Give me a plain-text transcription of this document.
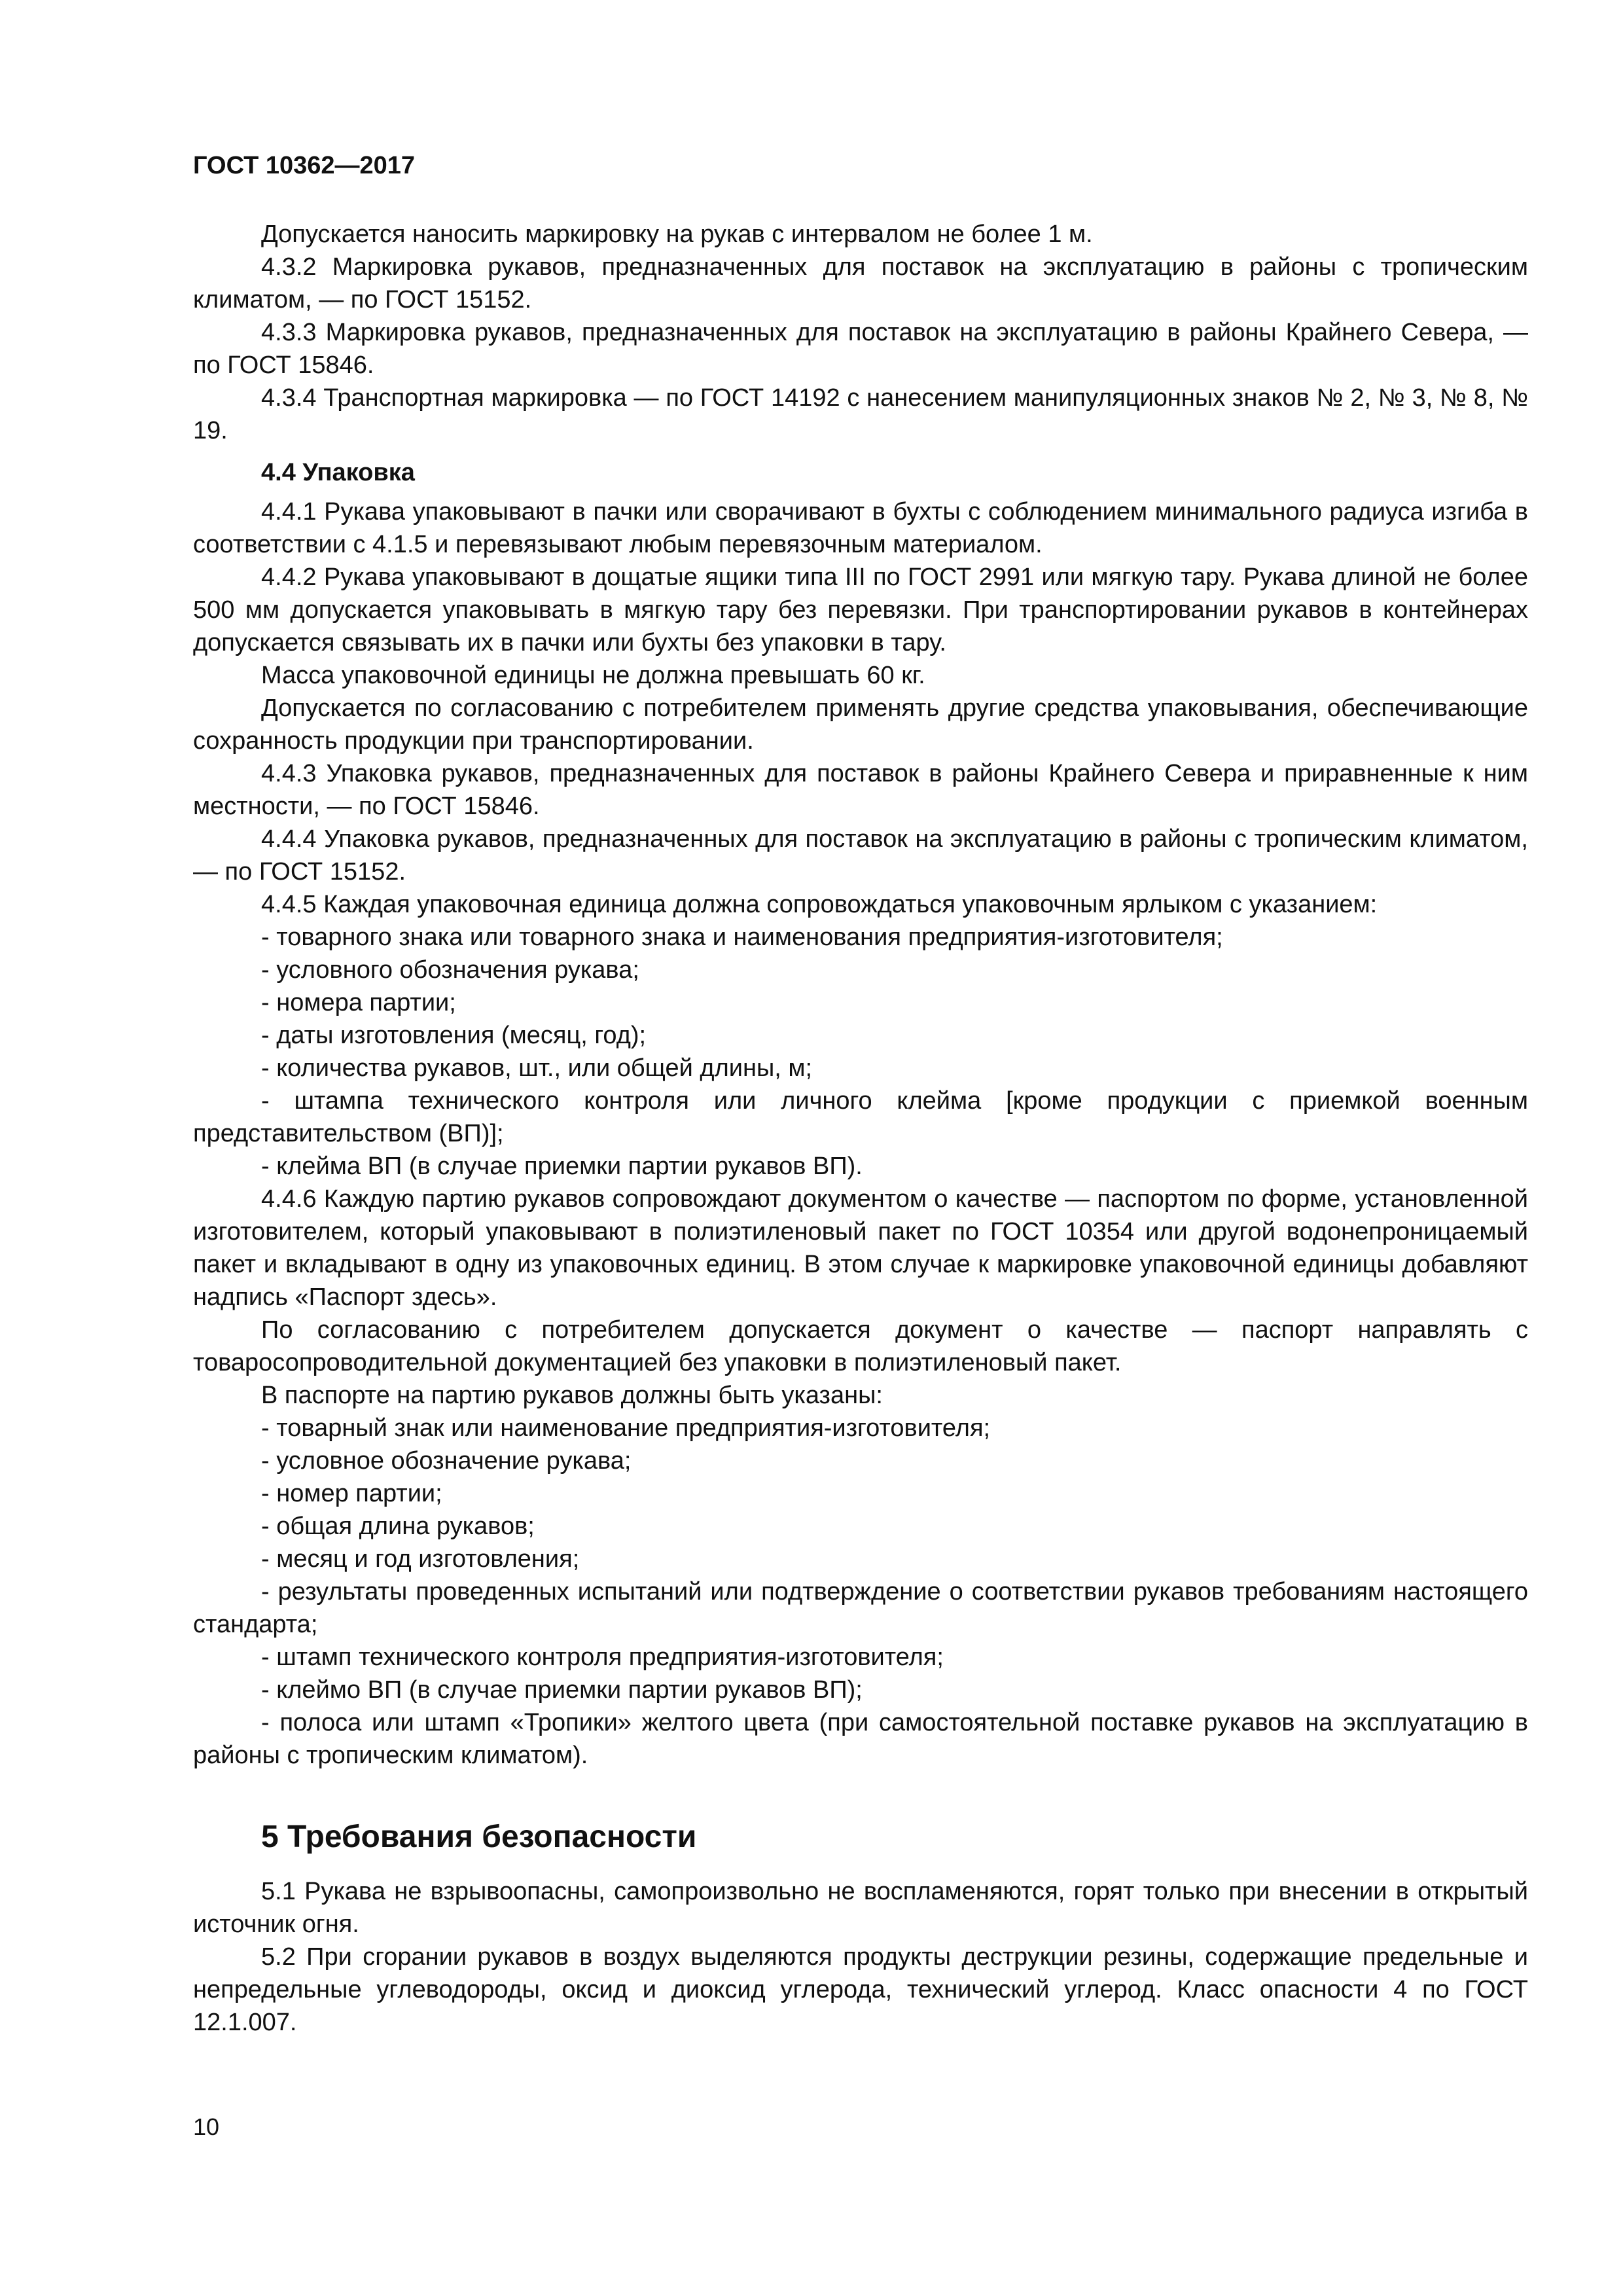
ГОСТ 10362—2017

Допускается наносить маркировку на рукав с интервалом не более 1 м.

4.3.2 Маркировка рукавов, предназначенных для поставок на эксплуатацию в районы с тропическим климатом, — по ГОСТ 15152.

4.3.3 Маркировка рукавов, предназначенных для поставок на эксплуатацию в районы Крайнего Севера, — по ГОСТ 15846.

4.3.4 Транспортная маркировка — по ГОСТ 14192 с нанесением манипуляционных знаков № 2, № 3, № 8, № 19.

4.4 Упаковка

4.4.1 Рукава упаковывают в пачки или сворачивают в бухты с соблюдением минимального радиуса изгиба в соответствии с 4.1.5 и перевязывают любым перевязочным материалом.

4.4.2 Рукава упаковывают в дощатые ящики типа III по ГОСТ 2991 или мягкую тару. Рукава длиной не более 500 мм допускается упаковывать в мягкую тару без перевязки. При транспортировании рукавов в контейнерах допускается связывать их в пачки или бухты без упаковки в тару.

Масса упаковочной единицы не должна превышать 60 кг.

Допускается по согласованию с потребителем применять другие средства упаковывания, обеспечивающие сохранность продукции при транспортировании.

4.4.3 Упаковка рукавов, предназначенных для поставок в районы Крайнего Севера и приравненные к ним местности, — по ГОСТ 15846.

4.4.4 Упаковка рукавов, предназначенных для поставок на эксплуатацию в районы с тропическим климатом, — по ГОСТ 15152.

4.4.5 Каждая упаковочная единица должна сопровождаться упаковочным ярлыком с указанием:

- товарного знака или товарного знака и наименования предприятия-изготовителя;

- условного обозначения рукава;

- номера партии;

- даты изготовления (месяц, год);

- количества рукавов, шт., или общей длины, м;

- штампа технического контроля или личного клейма [кроме продукции с приемкой военным представительством (ВП)];

- клейма ВП (в случае приемки партии рукавов ВП).

4.4.6 Каждую партию рукавов сопровождают документом о качестве — паспортом по форме, установленной изготовителем, который упаковывают в полиэтиленовый пакет по ГОСТ 10354 или другой водонепроницаемый пакет и вкладывают в одну из упаковочных единиц. В этом случае к маркировке упаковочной единицы добавляют надпись «Паспорт здесь».

По согласованию с потребителем допускается документ о качестве — паспорт направлять с товаросопроводительной документацией без упаковки в полиэтиленовый пакет.

В паспорте на партию рукавов должны быть указаны:

- товарный знак или наименование предприятия-изготовителя;

- условное обозначение рукава;

- номер партии;

- общая длина рукавов;

- месяц и год изготовления;

- результаты проведенных испытаний или подтверждение о соответствии рукавов требованиям настоящего стандарта;

- штамп технического контроля предприятия-изготовителя;

- клеймо ВП (в случае приемки партии рукавов ВП);

- полоса или штамп «Тропики» желтого цвета (при самостоятельной поставке рукавов на эксплуатацию в районы с тропическим климатом).

5 Требования безопасности

5.1 Рукава не взрывоопасны, самопроизвольно не воспламеняются, горят только при внесении в открытый источник огня.

5.2 При сгорании рукавов в воздух выделяются продукты деструкции резины, содержащие предельные и непредельные углеводороды, оксид и диоксид углерода, технический углерод. Класс опасности 4 по ГОСТ 12.1.007.

10
